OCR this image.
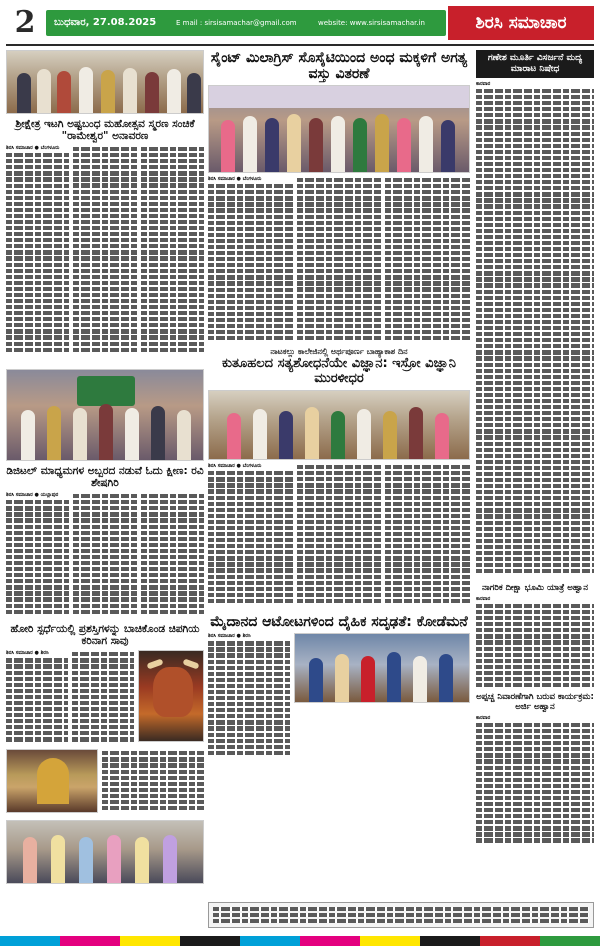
2	ಬುಧವಾರ, 27.08.2025	E mail : sirsisamachar@gmail.com	website: www.sirsisamachar.in	ಶಿರಸಿ ಸಮಾಚಾರ
ಶ್ರೀಕ್ಷೇತ್ರ ಇಟಗಿ ಅಷ್ಟಬಂಧ ಮಹೋತ್ಸವ ಸ್ಮರಣ ಸಂಚಿಕೆ "ರಾಮೇಶ್ವರ" ಅನಾವರಣ
ಶಿರಸಿ ಸಮಾಚಾರ ● ಬೆಂಗಳೂರು
ಡಿಜಿಟಲ್ ಮಾಧ್ಯಮಗಳ ಅಬ್ಬರದ ನಡುವೆ ಓದು ಕ್ಷೀಣ: ರವಿ ಶೇಷಗಿರಿ
ಶಿರಸಿ ಸಮಾಚಾರ ● ಯಲ್ಲಾಪುರ
ಹೋರಿ ಸ್ಪರ್ಧೆಯಲ್ಲಿ ಪ್ರಶಸ್ತಿಗಳನ್ನು ಬಾಚಿಕೊಂಡ ಚಿಪಗಿಯ ಕರಿನಾಗ ಸಾವು
ಶಿರಸಿ ಸಮಾಚಾರ ● ಶಿರಸಿ
ಸೈಂಟ್ ಮಿಲಾಗ್ರಿಸ್ ಸೊಸೈಟಿಯಿಂದ ಅಂಧ ಮಕ್ಕಳಿಗೆ ಅಗತ್ಯ ವಸ್ತು ವಿತರಣೆ
ಶಿರಸಿ ಸಮಾಚಾರ ● ಬೆಂಗಳೂರು
ನಾಟಕಲ್ಲು ಕಾಲೇಜಿನಲ್ಲಿ ಅರ್ಥಪೂರ್ಣ ಬಾಹ್ಯಾಕಾಶ ದಿನ
ಕುತೂಹಲದ ಸತ್ಯಶೋಧನೆಯೇ ವಿಜ್ಞಾನ: ಇಸ್ರೋ ವಿಜ್ಞಾನಿ ಮುರಳೀಧರ
ಶಿರಸಿ ಸಮಾಚಾರ ● ಬೆಂಗಳೂರು
ಮೈದಾನದ ಆಟೋಟಗಳಿಂದ ದೈಹಿಕ ಸದೃಢತೆ: ಕೋಡೆಮನೆ
ಶಿರಸಿ ಸಮಾಚಾರ ● ಶಿರಸಿ
ಗಣೇಶ ಮೂರ್ತಿ ವಿಸರ್ಜನೆ ಮದ್ಯ ಮಾರಾಟ ನಿಷೇಧ
ಕಾರವಾರ
ನಾಗರಿಕ ದೀಕ್ಷಾ ಭೂಮಿ ಯಾತ್ರೆ ಅಹ್ವಾನ
ಕಾರವಾರ
ಅಪ್ಪಚ್ಚ ನಿವಾರಣೆಗಾಗಿ ಬರುವ ಕಾರ್ಯಕ್ರಮ: ಅರ್ಜಿ ಅಹ್ವಾನ
ಕಾರವಾರ
